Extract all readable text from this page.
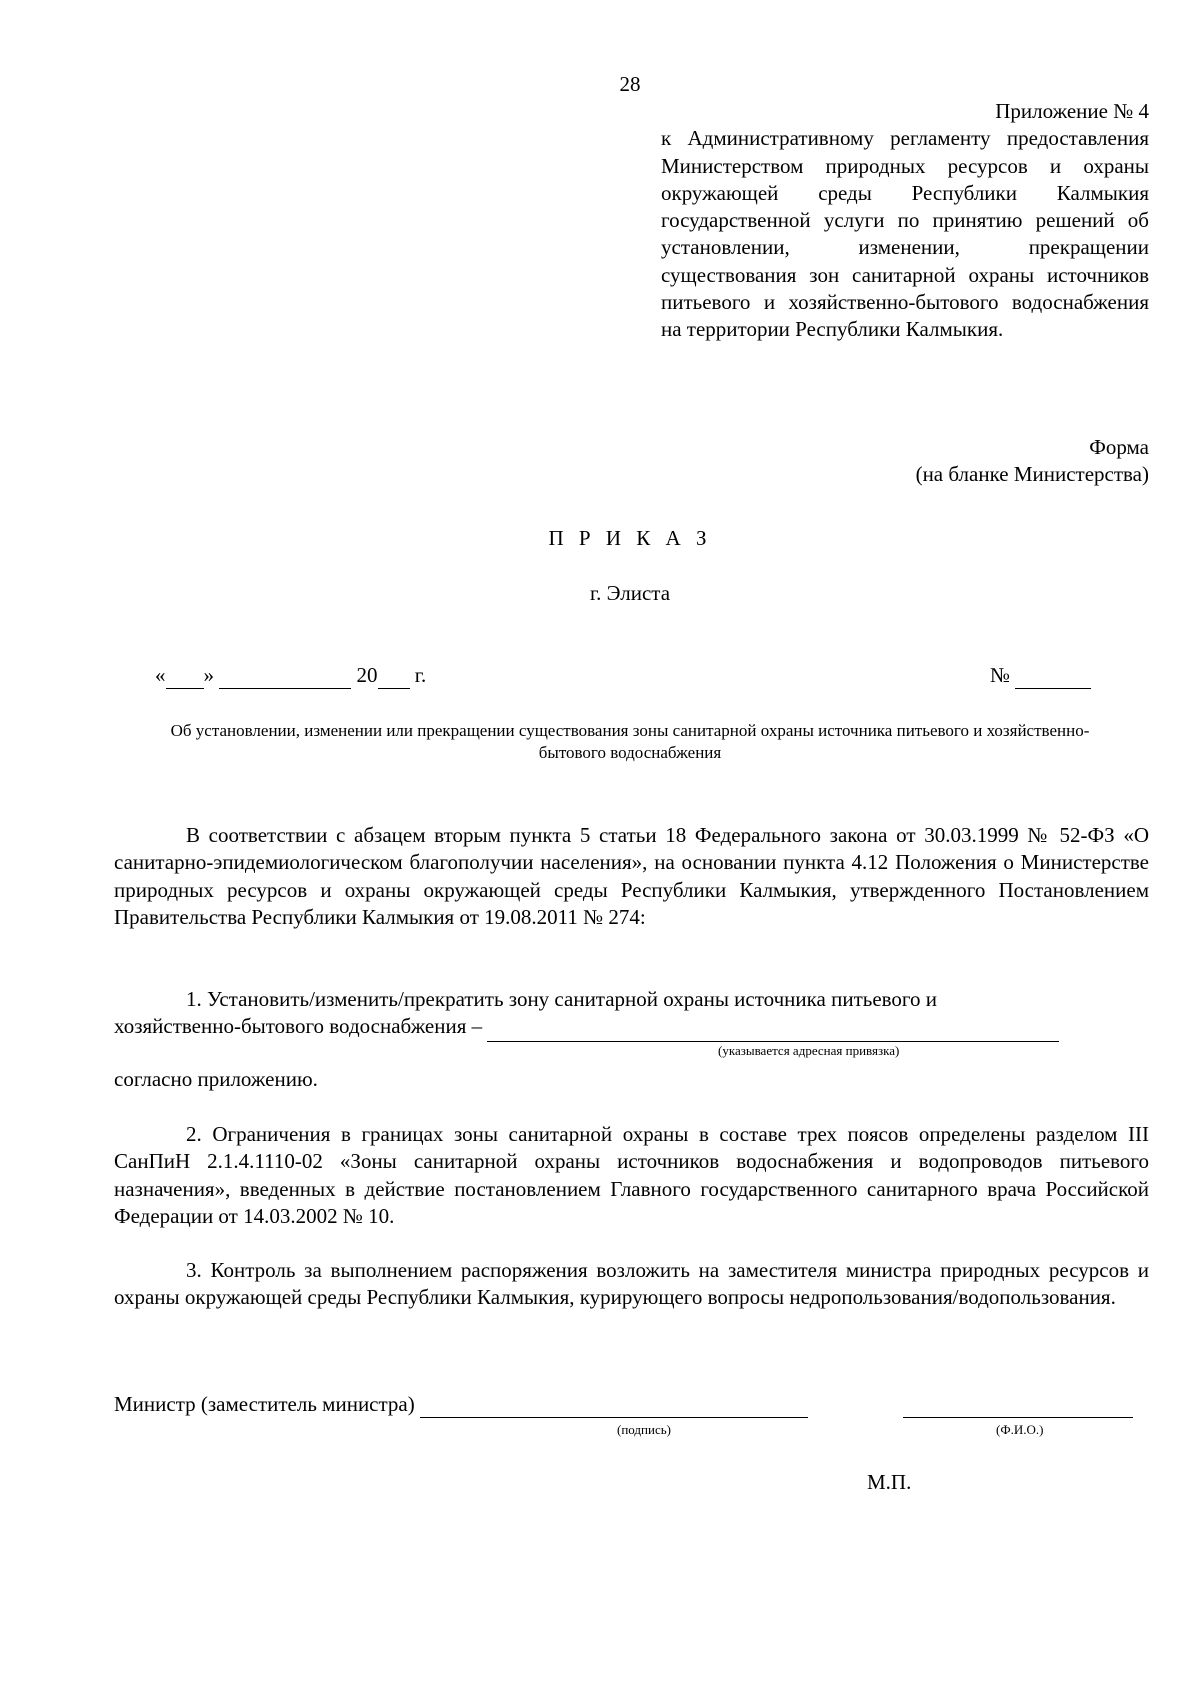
28
Приложение № 4
к Административному регламенту предоставления Министерством природных ресурсов и охраны окружающей среды Республики Калмыкия государственной услуги по принятию решений об установлении, изменении, прекращении существования зон санитарной охраны источников питьевого и хозяйственно-бытового водоснабжения на территории Республики Калмыкия.
Форма
(на бланке Министерства)
П Р И К А З
г. Элиста
« »	20 г.	№
Об установлении, изменении или прекращении существования зоны санитарной охраны источника питьевого и хозяйственно-бытового водоснабжения
В соответствии с абзацем вторым пункта 5 статьи 18 Федерального закона от 30.03.1999 № 52-ФЗ «О санитарно-эпидемиологическом благополучии населения», на основании пункта 4.12 Положения о Министерстве природных ресурсов и охраны окружающей среды Республики Калмыкия, утвержденного Постановлением Правительства Республики Калмыкия от 19.08.2011 № 274:
1. Установить/изменить/прекратить зону санитарной охраны источника питьевого и
хозяйственно-бытового водоснабжения –
(указывается адресная привязка)
согласно приложению.
2. Ограничения в границах зоны санитарной охраны в составе трех поясов определены разделом III СанПиН 2.1.4.1110-02 «Зоны санитарной охраны источников водоснабжения и водопроводов питьевого назначения», введенных в действие постановлением Главного государственного санитарного врача Российской Федерации от 14.03.2002 № 10.
3. Контроль за выполнением распоряжения возложить на заместителя министра природных ресурсов и охраны окружающей среды Республики Калмыкия, курирующего вопросы недропользования/водопользования.
Министр (заместитель министра)

(подпись)	(Ф.И.О.)
М.П.
